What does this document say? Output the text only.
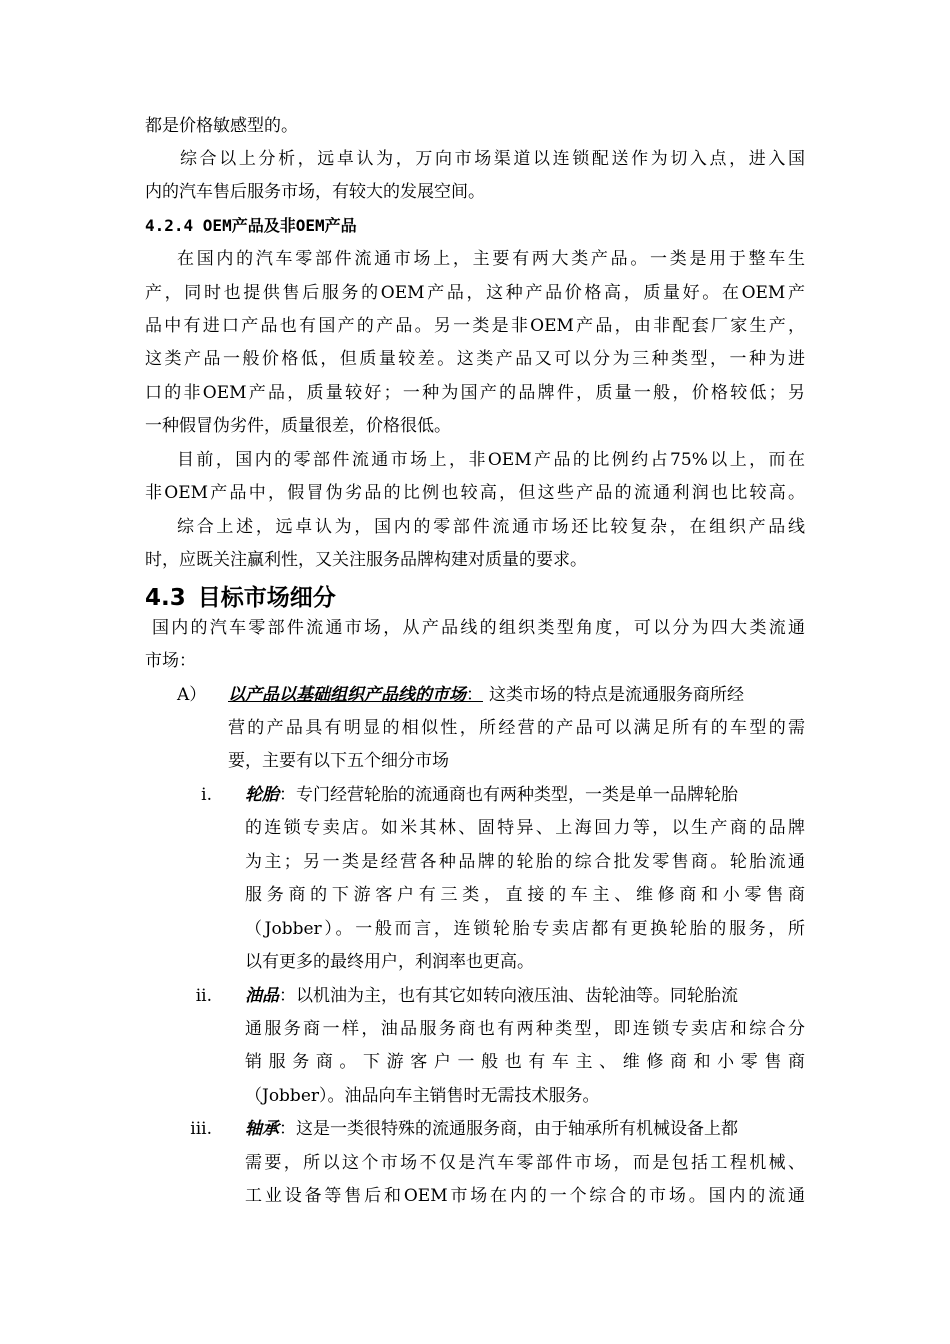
都是价格敏感型的。
综合以上分析，远卓认为，万向市场渠道以连锁配送作为切入点，进入国
内的汽车售后服务市场，有较大的发展空间。
4.2.4 OEM产品及非OEM产品
在国内的汽车零部件流通市场上，主要有两大类产品。一类是用于整车生
产，同时也提供售后服务的OEM产品，这种产品价格高，质量好。在OEM产
品中有进口产品也有国产的产品。另一类是非OEM产品，由非配套厂家生产，
这类产品一般价格低，但质量较差。这类产品又可以分为三种类型，一种为进
口的非OEM产品，质量较好；一种为国产的品牌件，质量一般，价格较低；另
一种假冒伪劣件，质量很差，价格很低。
目前，国内的零部件流通市场上，非OEM产品的比例约占75%以上，而在
非OEM产品中，假冒伪劣品的比例也较高，但这些产品的流通利润也比较高。
综合上述，远卓认为，国内的零部件流通市场还比较复杂，在组织产品线
时，应既关注赢利性，又关注服务品牌构建对质量的要求。
4.3 目标市场细分
国内的汽车零部件流通市场，从产品线的组织类型角度，可以分为四大类流通
市场：
A） 以产品以基础组织产品线的市场： 这类市场的特点是流通服务商所经
营的产品具有明显的相似性，所经营的产品可以满足所有的车型的需
要，主要有以下五个细分市场
i. 轮胎：专门经营轮胎的流通商也有两种类型，一类是单一品牌轮胎
的连锁专卖店。如米其林、固特异、上海回力等，以生产商的品牌
为主；另一类是经营各种品牌的轮胎的综合批发零售商。轮胎流通
服务商的下游客户有三类，直接的车主、维修商和小零售商
（Jobber）。一般而言，连锁轮胎专卖店都有更换轮胎的服务，所
以有更多的最终用户，利润率也更高。
ii. 油品：以机油为主，也有其它如转向液压油、齿轮油等。同轮胎流
通服务商一样，油品服务商也有两种类型，即连锁专卖店和综合分
销服务商。下游客户一般也有车主、维修商和小零售商
（Jobber）。油品向车主销售时无需技术服务。
iii. 轴承：这是一类很特殊的流通服务商，由于轴承所有机械设备上都
需要，所以这个市场不仅是汽车零部件市场，而是包括工程机械、
工业设备等售后和OEM市场在内的一个综合的市场。国内的流通
